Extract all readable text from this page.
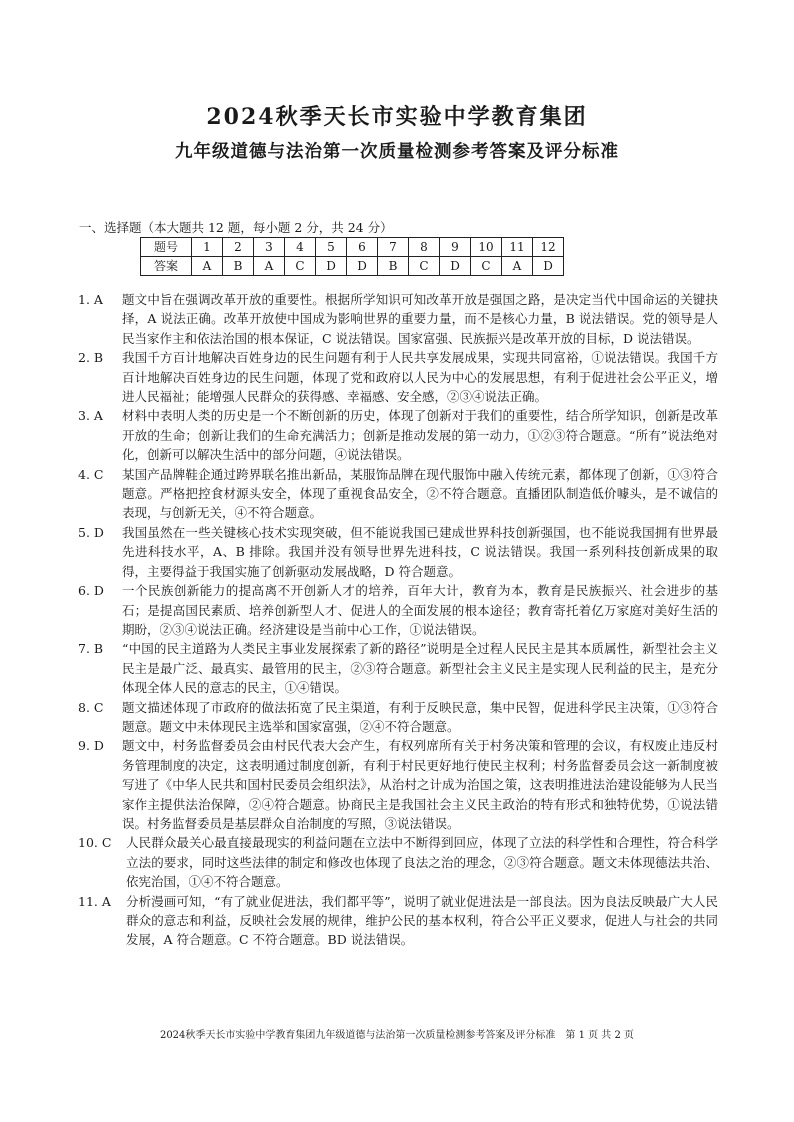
2024秋季天长市实验中学教育集团
九年级道德与法治第一次质量检测参考答案及评分标准
一、选择题（本大题共 12 题，每小题 2 分，共 24 分）
题号	1	2	3	4	5	6	7	8	9	10	11	12
答案	A	B	A	C	D	D	B	C	D	C	A	D
1. A	题文中旨在强调改革开放的重要性。根据所学知识可知改革开放是强国之路，是决定当代中国命运的关键抉择，A 说法正确。改革开放使中国成为影响世界的重要力量，而不是核心力量，B 说法错误。党的领导是人民当家作主和依法治国的根本保证，C 说法错误。国家富强、民族振兴是改革开放的目标，D 说法错误。
2. B	我国千方百计地解决百姓身边的民生问题有利于人民共享发展成果，实现共同富裕，①说法错误。我国千方百计地解决百姓身边的民生问题，体现了党和政府以人民为中心的发展思想，有利于促进社会公平正义，增进人民福祉；能增强人民群众的获得感、幸福感、安全感，②③④说法正确。
3. A	材料中表明人类的历史是一个不断创新的历史，体现了创新对于我们的重要性，结合所学知识，创新是改革开放的生命；创新让我们的生命充满活力；创新是推动发展的第一动力，①②③符合题意。“所有”说法绝对化，创新可以解决生活中的部分问题，④说法错误。
4. C	某国产品牌鞋企通过跨界联名推出新品，某服饰品牌在现代服饰中融入传统元素，都体现了创新，①③符合题意。严格把控食材源头安全，体现了重视食品安全，②不符合题意。直播团队制造低价噱头，是不诚信的表现，与创新无关，④不符合题意。
5. D	我国虽然在一些关键核心技术实现突破，但不能说我国已建成世界科技创新强国，也不能说我国拥有世界最先进科技水平，A、B 排除。我国并没有领导世界先进科技，C 说法错误。我国一系列科技创新成果的取得，主要得益于我国实施了创新驱动发展战略，D 符合题意。
6. D	一个民族创新能力的提高离不开创新人才的培养，百年大计，教育为本，教育是民族振兴、社会进步的基石；是提高国民素质、培养创新型人才、促进人的全面发展的根本途径；教育寄托着亿万家庭对美好生活的期盼，②③④说法正确。经济建设是当前中心工作，①说法错误。
7. B	“中国的民主道路为人类民主事业发展探索了新的路径”说明是全过程人民民主是其本质属性，新型社会主义民主是最广泛、最真实、最管用的民主，②③符合题意。新型社会主义民主是实现人民利益的民主，是充分体现全体人民的意志的民主，①④错误。
8. C	题文描述体现了市政府的做法拓宽了民主渠道，有利于反映民意，集中民智，促进科学民主决策，①③符合题意。题文中未体现民主选举和国家富强，②④不符合题意。
9. D	题文中，村务监督委员会由村民代表大会产生，有权列席所有关于村务决策和管理的会议，有权废止违反村务管理制度的决定，这表明通过制度创新，有利于村民更好地行使民主权利；村务监督委员会这一新制度被写进了《中华人民共和国村民委员会组织法》，从治村之计成为治国之策，这表明推进法治建设能够为人民当家作主提供法治保障，②④符合题意。协商民主是我国社会主义民主政治的特有形式和独特优势，①说法错误。村务监督委员是基层群众自治制度的写照，③说法错误。
10. C	人民群众最关心最直接最现实的利益问题在立法中不断得到回应，体现了立法的科学性和合理性，符合科学立法的要求，同时这些法律的制定和修改也体现了良法之治的理念，②③符合题意。题文未体现德法共治、依宪治国，①④不符合题意。
11. A	分析漫画可知，“有了就业促进法，我们都平等”，说明了就业促进法是一部良法。因为良法反映最广大人民群众的意志和利益，反映社会发展的规律，维护公民的基本权利，符合公平正义要求，促进人与社会的共同发展，A 符合题意。C 不符合题意。BD 说法错误。
2024秋季天长市实验中学教育集团九年级道德与法治第一次质量检测参考答案及评分标准　第 1 页 共 2 页
